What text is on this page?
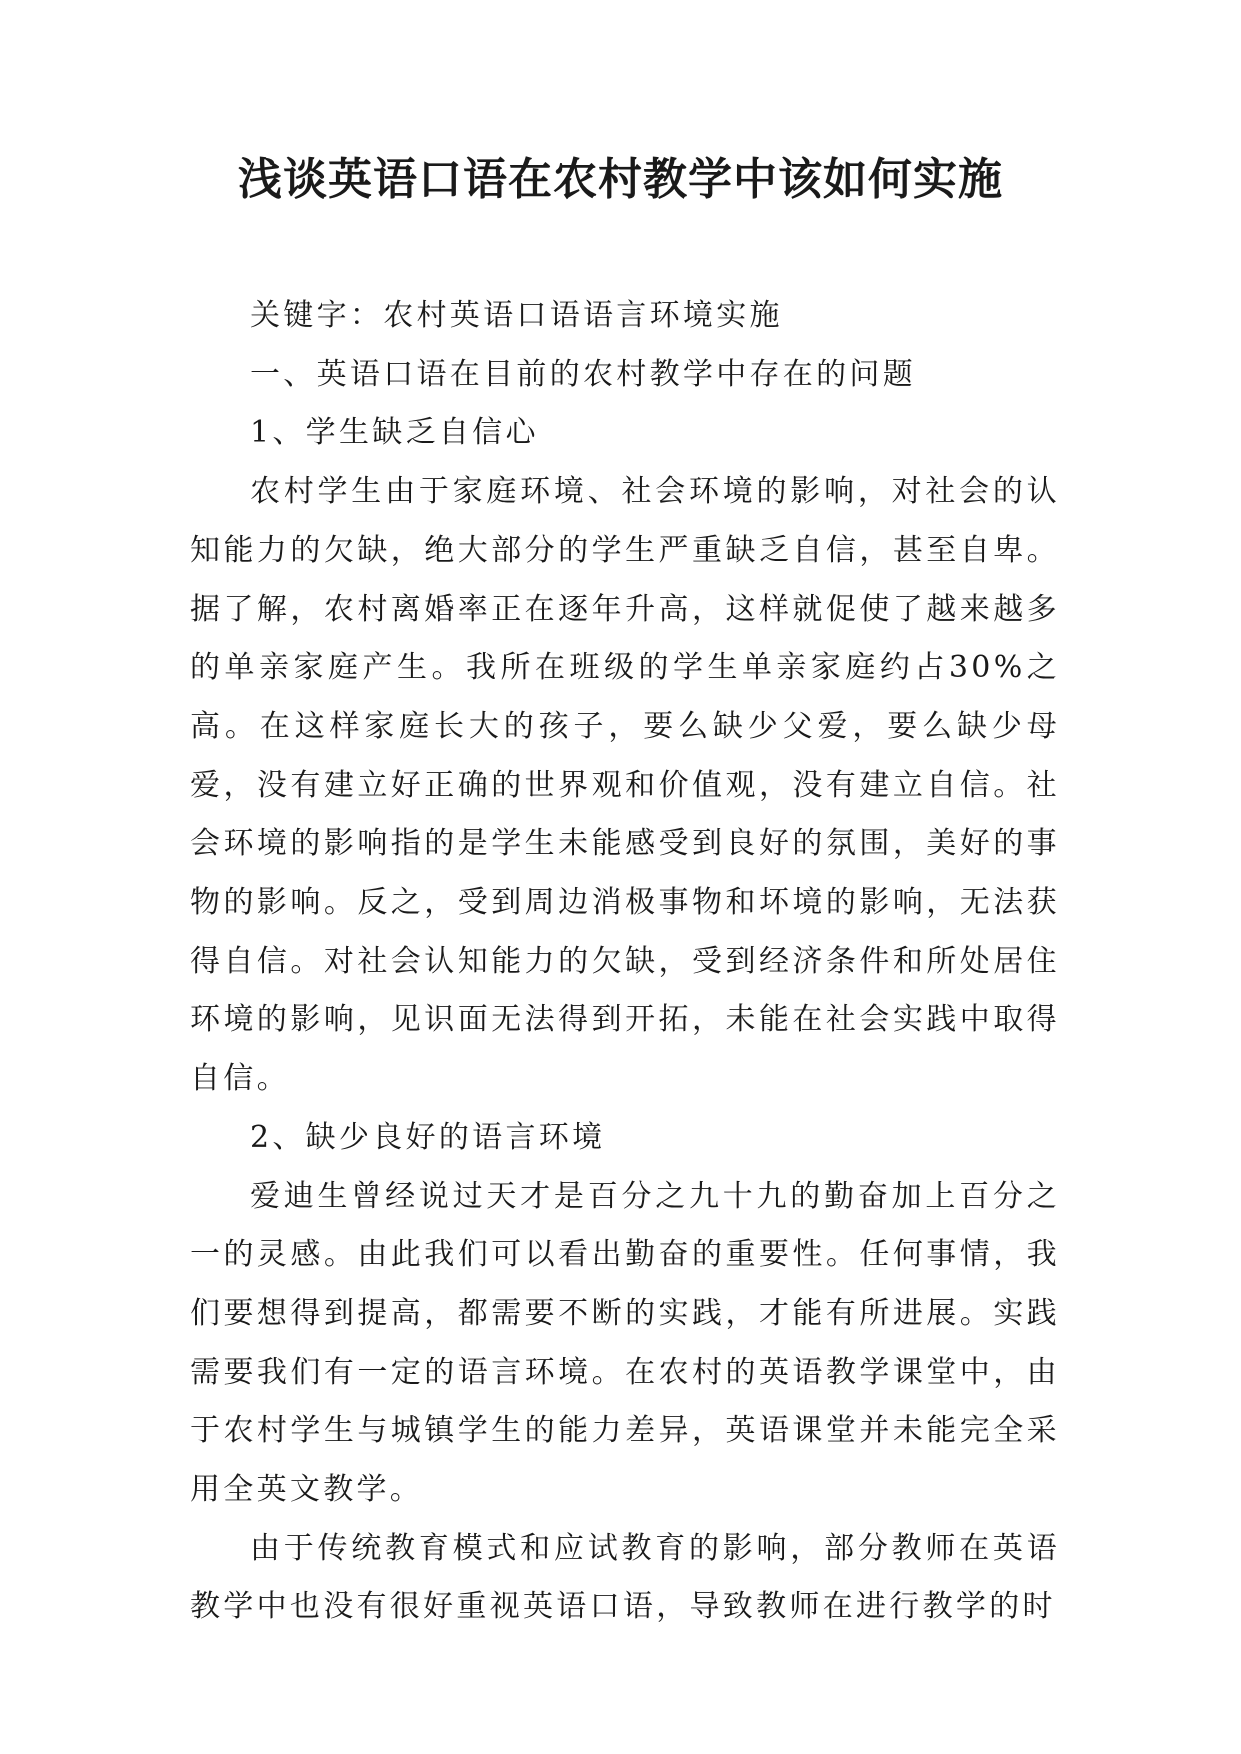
浅谈英语口语在农村教学中该如何实施

关键字：农村英语口语语言环境实施

一、英语口语在目前的农村教学中存在的问题

1、学生缺乏自信心

农村学生由于家庭环境、社会环境的影响，对社会的认知能力的欠缺，绝大部分的学生严重缺乏自信，甚至自卑。据了解，农村离婚率正在逐年升高，这样就促使了越来越多的单亲家庭产生。我所在班级的学生单亲家庭约占30%之高。在这样家庭长大的孩子，要么缺少父爱，要么缺少母爱，没有建立好正确的世界观和价值观，没有建立自信。社会环境的影响指的是学生未能感受到良好的氛围，美好的事物的影响。反之，受到周边消极事物和坏境的影响，无法获得自信。对社会认知能力的欠缺，受到经济条件和所处居住环境的影响，见识面无法得到开拓，未能在社会实践中取得自信。

2、缺少良好的语言环境

爱迪生曾经说过天才是百分之九十九的勤奋加上百分之一的灵感。由此我们可以看出勤奋的重要性。任何事情，我们要想得到提高，都需要不断的实践，才能有所进展。实践需要我们有一定的语言环境。在农村的英语教学课堂中，由于农村学生与城镇学生的能力差异，英语课堂并未能完全采用全英文教学。

由于传统教育模式和应试教育的影响，部分教师在英语教学中也没有很好重视英语口语，导致教师在进行教学的时
